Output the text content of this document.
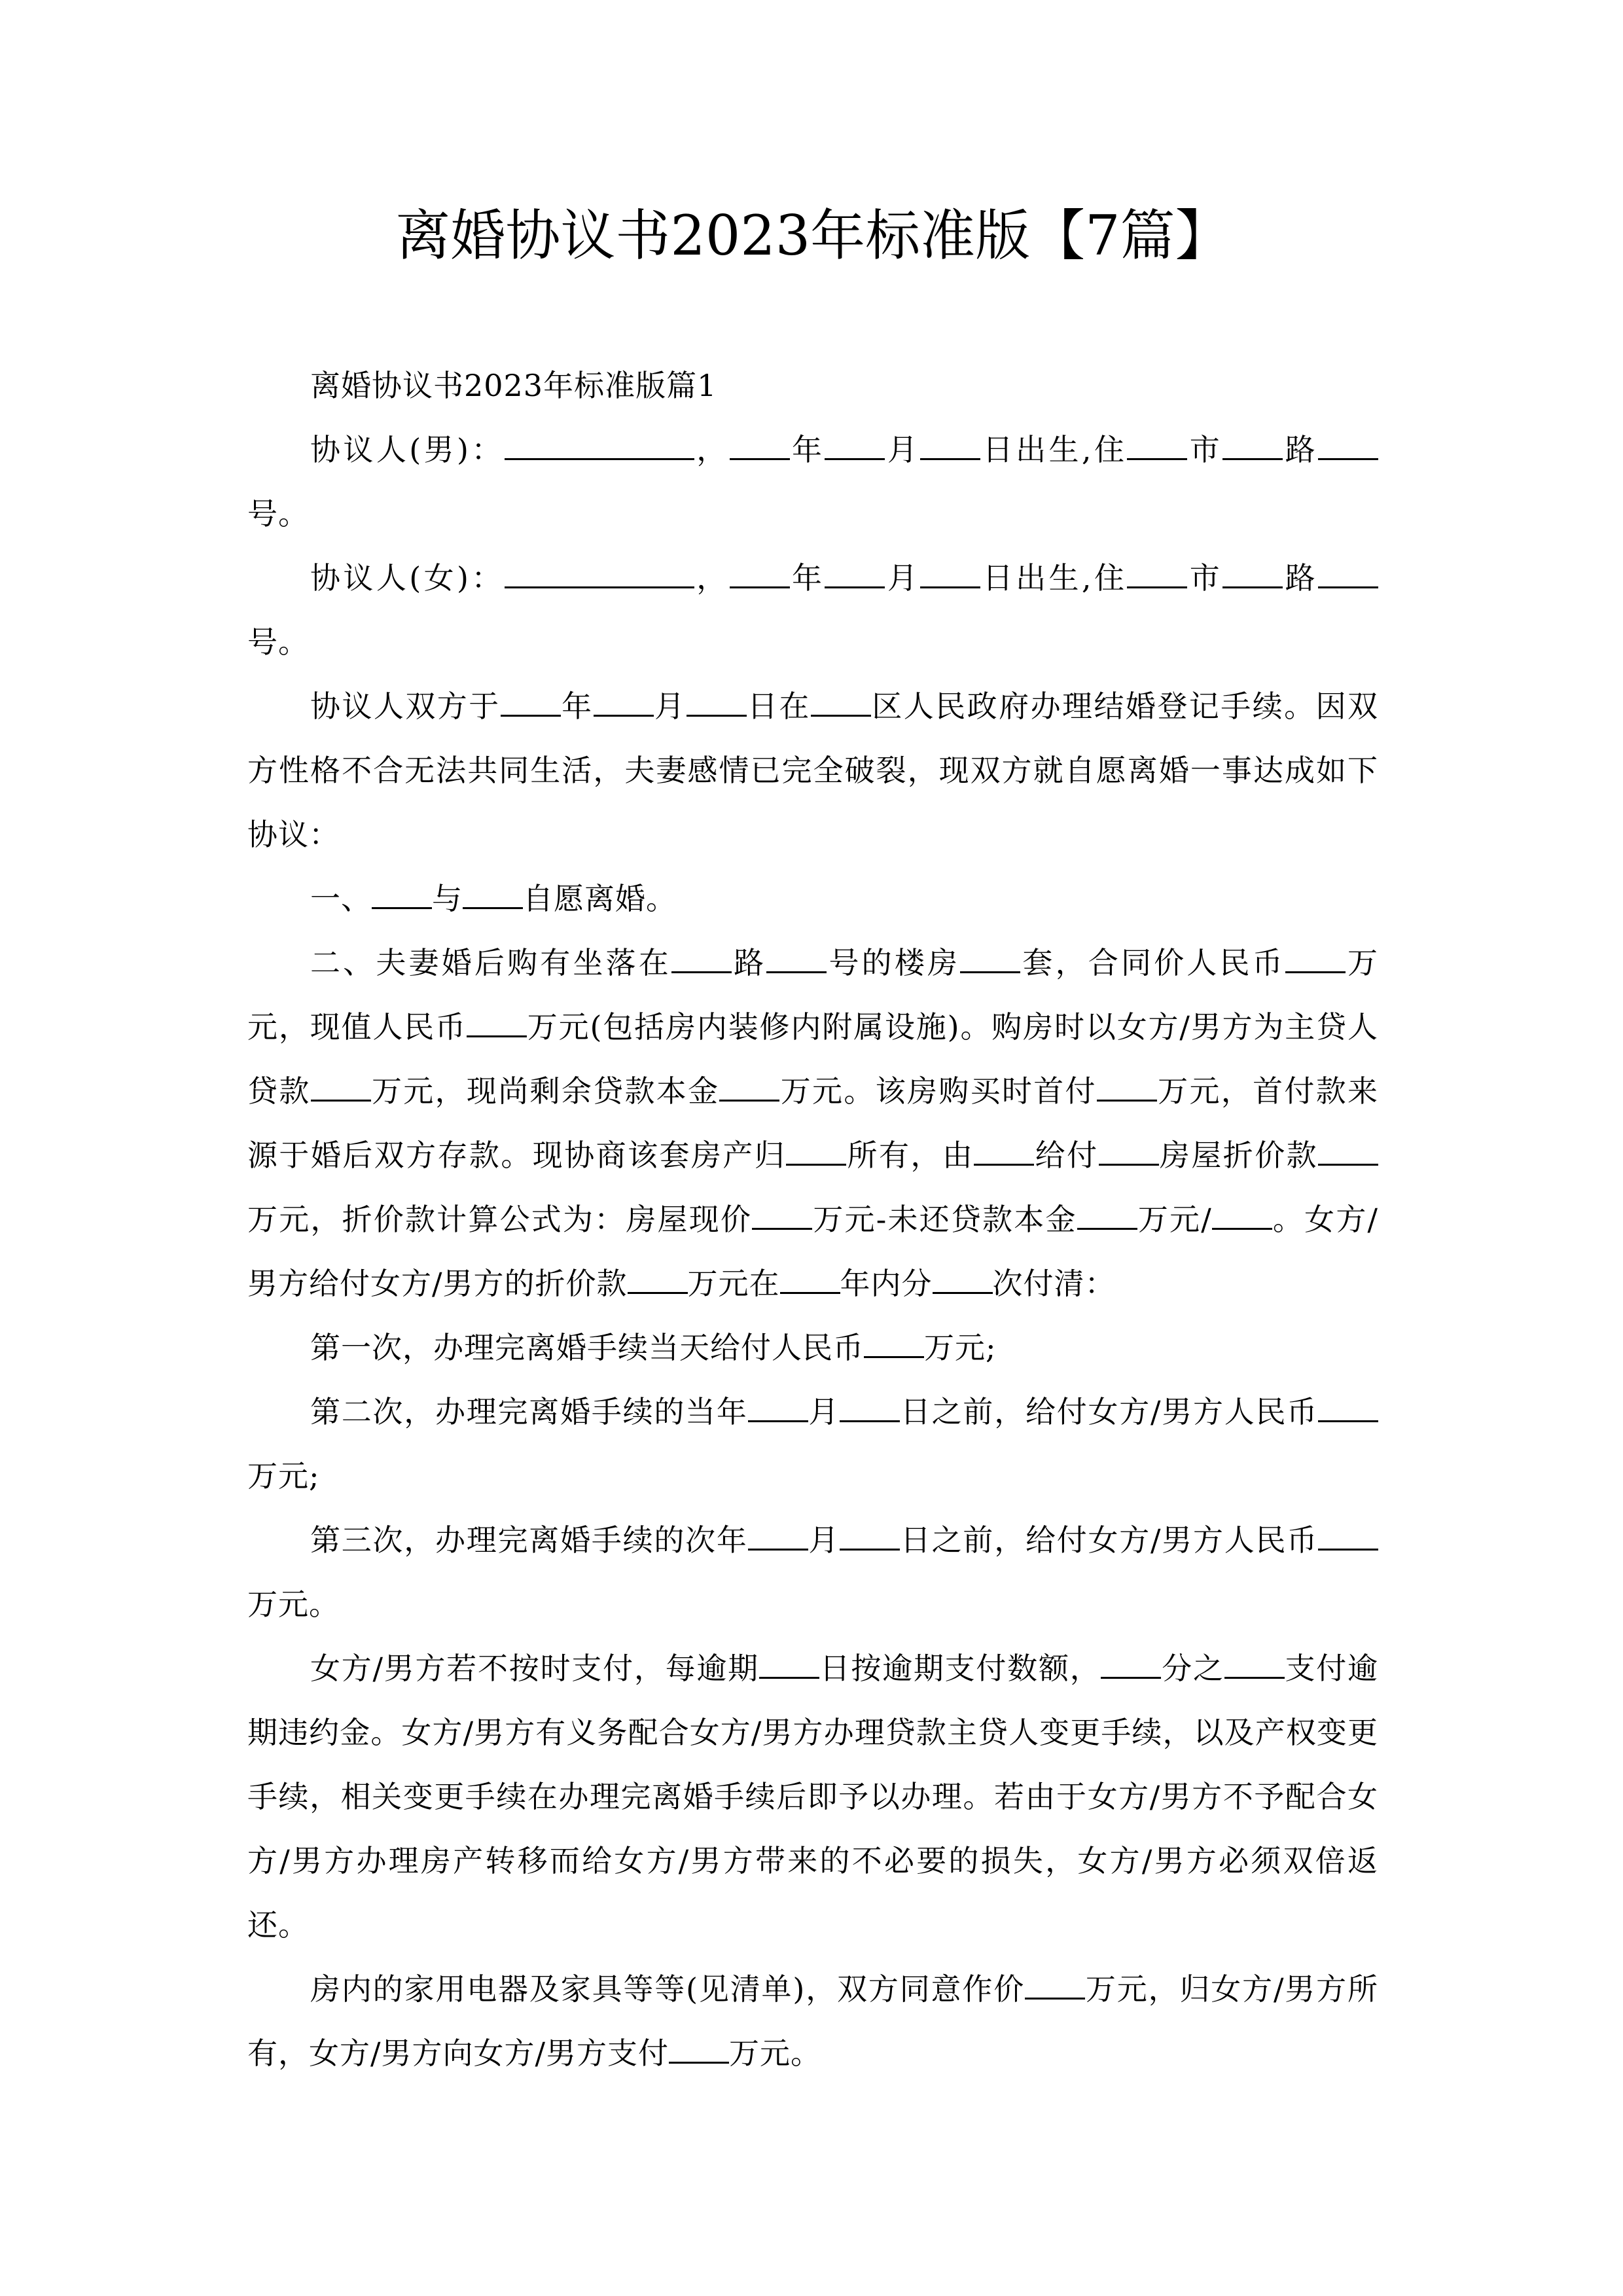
离婚协议书2023年标准版【7篇】

离婚协议书2023年标准版篇1

协议人(男)：	， 年 月 日出生,住 市 路号。

协议人(女)：	， 年 月 日出生,住 市 路号。

协议人双方于 年 月 日在 区人民政府办理结婚登记手续。因双方性格不合无法共同生活，夫妻感情已完全破裂，现双方就自愿离婚一事达成如下协议：

一、 与 自愿离婚。

二、夫妻婚后购有坐落在 路 号的楼房 套，合同价人民币 万元，现值人民币 万元(包括房内装修内附属设施)。购房时以女方/男方为主贷人贷款 万元，现尚剩余贷款本金 万元。该房购买时首付 万元，首付款来源于婚后双方存款。现协商该套房产归 所有，由 给付 房屋折价款万元，折价款计算公式为：房屋现价 万元-未还贷款本金 万元/ 。女方/男方给付女方/男方的折价款 万元在 年内分 次付清：

第一次，办理完离婚手续当天给付人民币 万元;

第二次，办理完离婚手续的当年 月 日之前，给付女方/男方人民币万元;

第三次，办理完离婚手续的次年 月 日之前，给付女方/男方人民币万元。

女方/男方若不按时支付，每逾期 日按逾期支付数额， 分之 支付逾期违约金。女方/男方有义务配合女方/男方办理贷款主贷人变更手续，以及产权变更手续，相关变更手续在办理完离婚手续后即予以办理。若由于女方/男方不予配合女方/男方办理房产转移而给女方/男方带来的不必要的损失，女方/男方必须双倍返还。

房内的家用电器及家具等等(见清单)，双方同意作价 万元，归女方/男方所有，女方/男方向女方/男方支付 万元。
